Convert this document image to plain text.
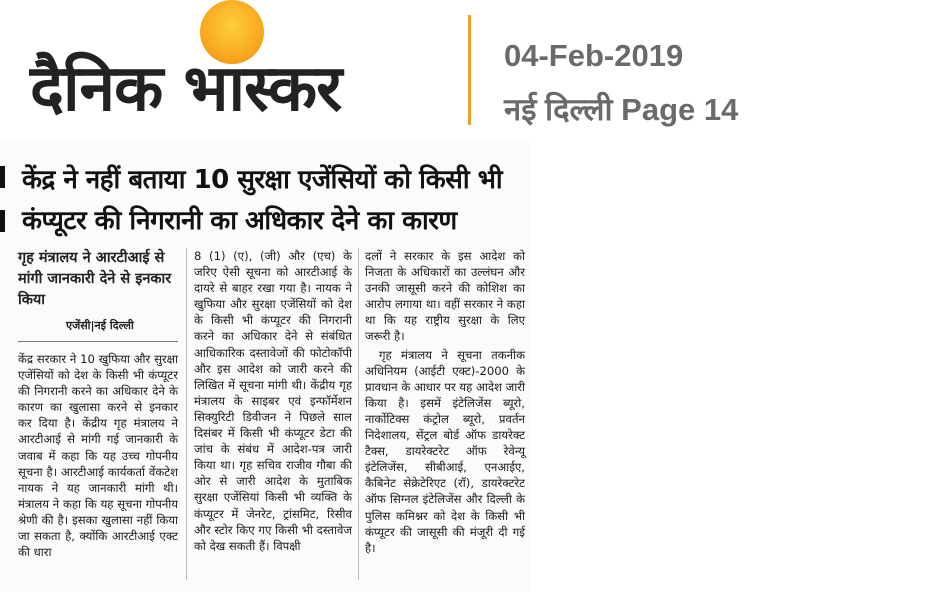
दैनिक भास्कर	04-Feb-2019
नई दिल्ली Page 14
केंद्र ने नहीं बताया 10 सुरक्षा एजेंसियों को किसी भी
कंप्यूटर की निगरानी का अधिकार देने का कारण
गृह मंत्रालय ने आरटीआई से मांगी जानकारी देने से इनकार किया
एजेंसी|नई दिल्ली

केंद्र सरकार ने 10 खुफिया और सुरक्षा एजेंसियों को देश के किसी भी कंप्यूटर की निगरानी करने का अधिकार देने के कारण का खुलासा करने से इनकार कर दिया है। केंद्रीय गृह मंत्रालय ने आरटीआई से मांगी गई जानकारी के जवाब में कहा कि यह उच्च गोपनीय सूचना है। आरटीआई कार्यकर्ता वेंकटेश नायक ने यह जानकारी मांगी थी। मंत्रालय ने कहा कि यह सूचना गोपनीय श्रेणी की है। इसका खुलासा नहीं किया जा सकता है, क्योंकि आरटीआई एक्ट की धारा

8 (1) (ए), (जी) और (एच) के जरिए ऐसी सूचना को आरटीआई के दायरे से बाहर रखा गया है। नायक ने खुफिया और सुरक्षा एजेंसियों को देश के किसी भी कंप्यूटर की निगरानी करने का अधिकार देने से संबंधित आधिकारिक दस्तावेजों की फोटोकॉपी और इस आदेश को जारी करने की लिखित में सूचना मांगी थी। केंद्रीय गृह मंत्रालय के साइबर एवं इन्फॉर्मेशन सिक्युरिटी डिवीजन ने पिछले साल दिसंबर में किसी भी कंप्यूटर डेटा की जांच के संबंध में आदेश-पत्र जारी किया था। गृह सचिव राजीव गौबा की ओर से जारी आदेश के मुताबिक सुरक्षा एजेंसियां किसी भी व्यक्ति के कंप्यूटर में जेनरेट, ट्रांसमिट, रिसीव और स्टोर किए गए किसी भी दस्तावेज को देख सकती हैं। विपक्षी

दलों ने सरकार के इस आदेश को निजता के अधिकारों का उल्लंघन और उनकी जासूसी करने की कोशिश का आरोप लगाया था। वहीं सरकार ने कहा था कि यह राष्ट्रीय सुरक्षा के लिए जरूरी है।

गृह मंत्रालय ने सूचना तकनीक अधिनियम (आईटी एक्ट)-2000 के प्रावधान के आधार पर यह आदेश जारी किया है। इसमें इंटेलिजेंस ब्यूरो, नार्कोटिक्स कंट्रोल ब्यूरो, प्रवर्तन निदेशालय, सेंट्रल बोर्ड ऑफ डायरेक्ट टैक्स, डायरेक्टरेट ऑफ रेवेन्यू इंटेलिजेंस, सीबीआई, एनआईए, कैबिनेट सेक्रेटेरिएट (रॉ), डायरेक्टरेट ऑफ सिग्नल इंटेलिजेंस और दिल्ली के पुलिस कमिश्नर को देश के किसी भी कंप्यूटर की जासूसी की मंजूरी दी गई है।
